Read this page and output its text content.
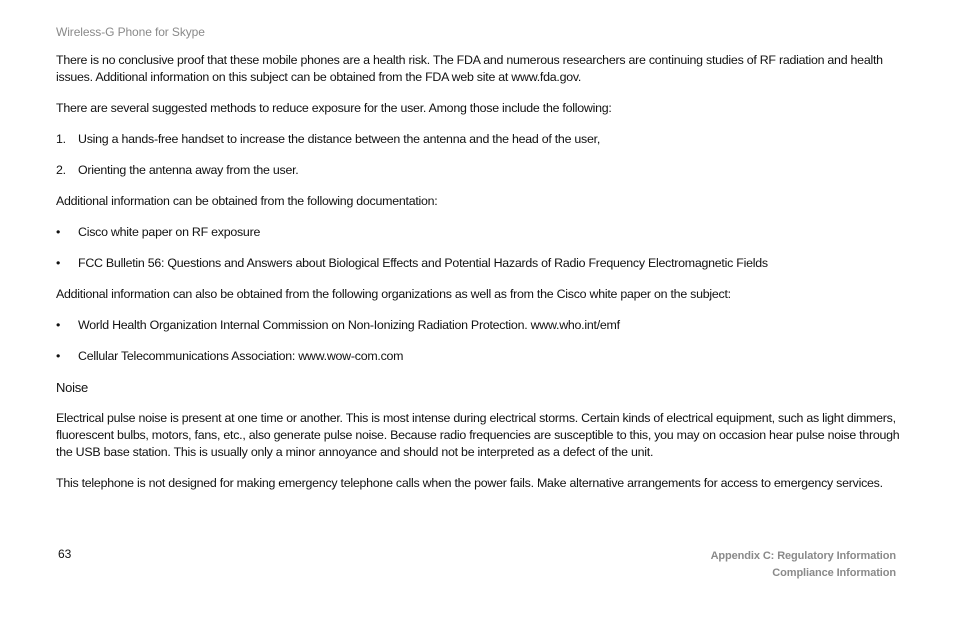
Wireless-G Phone for Skype

There is no conclusive proof that these mobile phones are a health risk. The FDA and numerous researchers are continuing studies of RF radiation and health issues. Additional information on this subject can be obtained from the FDA web site at www.fda.gov.

There are several suggested methods to reduce exposure for the user. Among those include the following:

1. Using a hands-free handset to increase the distance between the antenna and the head of the user,
2. Orienting the antenna away from the user.

Additional information can be obtained from the following documentation:

• Cisco white paper on RF exposure
• FCC Bulletin 56: Questions and Answers about Biological Effects and Potential Hazards of Radio Frequency Electromagnetic Fields

Additional information can also be obtained from the following organizations as well as from the Cisco white paper on the subject:

• World Health Organization Internal Commission on Non-Ionizing Radiation Protection. www.who.int/emf
• Cellular Telecommunications Association: www.wow-com.com

Noise

Electrical pulse noise is present at one time or another. This is most intense during electrical storms. Certain kinds of electrical equipment, such as light dimmers, fluorescent bulbs, motors, fans, etc., also generate pulse noise. Because radio frequencies are susceptible to this, you may on occasion hear pulse noise through the USB base station. This is usually only a minor annoyance and should not be interpreted as a defect of the unit.

This telephone is not designed for making emergency telephone calls when the power fails. Make alternative arrangements for access to emergency services.

63	Appendix C: Regulatory Information
Compliance Information
